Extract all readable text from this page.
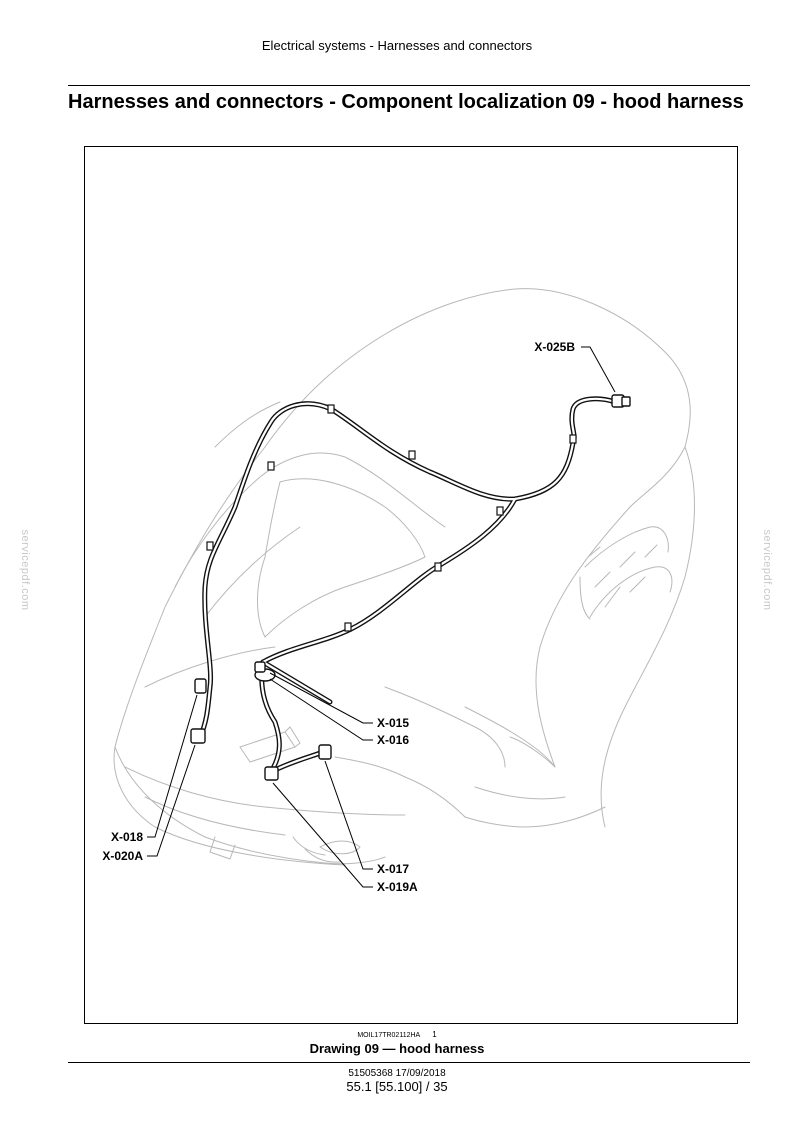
Electrical systems - Harnesses and connectors
Harnesses and connectors - Component localization 09 - hood harness
X-025B
X-015
X-016
X-018
X-020A
X-017
X-019A
MOIL17TR02112HA 1
Drawing 09 — hood harness
51505368 17/09/2018
55.1 [55.100] / 35
servicepdf.com	servicepdf.com
